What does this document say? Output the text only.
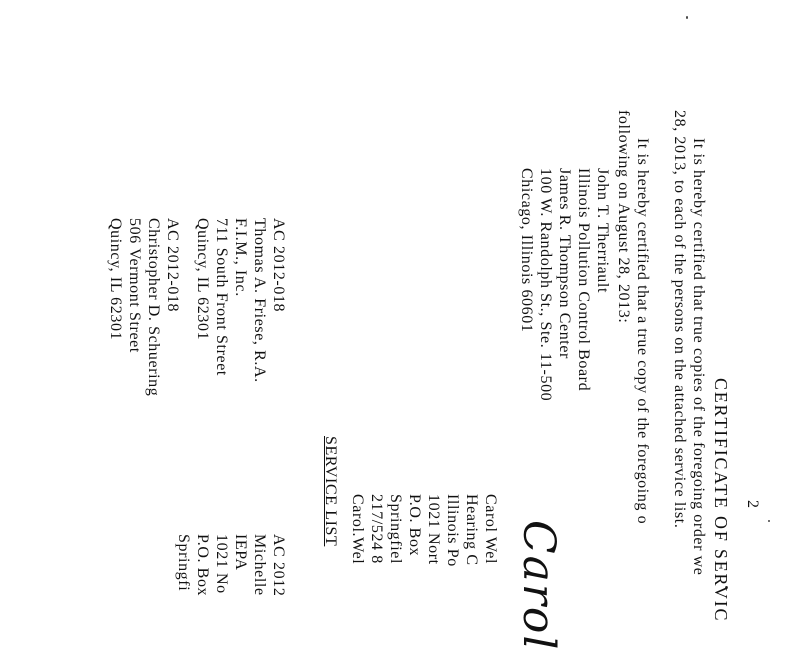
2
CERTIFICATE OF SERVIC
It is hereby certified that true copies of the foregoing order we
28, 2013, to each of the persons on the attached service list.
It is hereby certified that a true copy of the foregoing o
following on August 28, 2013:
John T. Therriault
Illinois Pollution Control Board
James R. Thompson Center
100 W. Randolph St., Ste. 11-500
Chicago, Illinois 60601
Carol
Carol Wel
Hearing C
Illinois Po
1021 Nort
P.O. Box
Springfiel
217/524 8
Carol.Wel
SERVICE LIST
AC 2012-018
Thomas A. Friese, R.A.
F.I.M., Inc.
711 South Front Street
Quincy, IL 62301
AC 2012-018
Christopher D. Schuering
506 Vermont Street
Quincy, IL 62301
AC 2012
Michelle
IEPA
1021 No
P.O. Box
Springfi
